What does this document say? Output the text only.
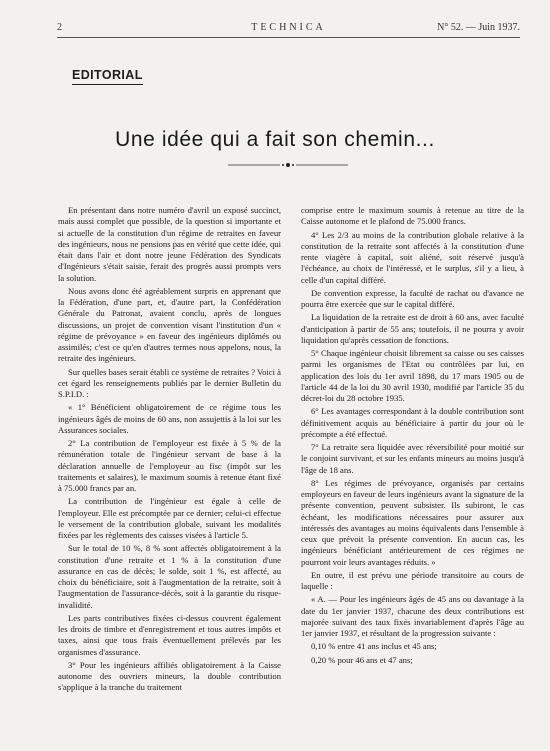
2	TECHNICA	N° 52. — Juin 1937.
EDITORIAL
Une idée qui a fait son chemin...

En présentant dans notre numéro d'avril un exposé succinct, mais aussi complet que possible, de la question si importante et si actuelle de la constitution d'un régime de retraites en faveur des ingénieurs, nous ne pensions pas en vérité que cette idée, qui était dans l'air et dont notre jeune Fédération des Syndicats d'Ingénieurs s'était saisie, ferait des progrès aussi prompts vers la solution.

Nous avons donc été agréablement surpris en apprenant que la Fédération, d'une part, et, d'autre part, la Confédération Générale du Patronat, avaient conclu, après de longues discussions, un projet de convention visant l'institution d'un « régime de prévoyance » en faveur des ingénieurs diplômés ou assimilés; c'est ce qu'en d'autres termes nous appelons, nous, la retraite des ingénieurs.

Sur quelles bases serait établi ce système de retraites ? Voici à cet égard les renseignements publiés par le dernier Bulletin du S.P.I.D. :

« 1° Bénéficient obligatoirement de ce régime tous les ingénieurs âgés de moins de 60 ans, non assujettis à la loi sur les Assurances sociales.

2° La contribution de l'employeur est fixée à 5 % de la rémunération totale de l'ingénieur servant de base à la déclaration annuelle de l'employeur au fisc (impôt sur les traitements et salaires), le maximum soumis à retenue étant fixé à 75.000 francs par an.

La contribution de l'ingénieur est égale à celle de l'employeur. Elle est précomptée par ce dernier; celui-ci effectue le versement de la contribution globale, suivant les modalités fixées par les règlements des caisses visées à l'article 5.

Sur le total de 10 %, 8 % sont affectés obligatoirement à la constitution d'une retraite et 1 % à la constitution d'une assurance en cas de décès; le solde, soit 1 %, est affecté, au choix du bénéficiaire, soit à l'augmentation de la retraite, soit à l'augmentation de l'assurance-décès, soit à la garantie du risque-invalidité.

Les parts contributives fixées ci-dessus couvrent également les droits de timbre et d'enregistrement et tous autres impôts et taxes, ainsi que tous frais éventuellement prélevés par les organismes d'assurance.

3° Pour les ingénieurs affiliés obligatoirement à la Caisse autonome des ouvriers mineurs, la double contribution s'applique à la tranche du traitement

comprise entre le maximum soumis à retenue au titre de la Caisse autonome et le plafond de 75.000 francs.

4° Les 2/3 au moins de la contribution globale relative à la constitution de la retraite sont affectés à la constitution d'une rente viagère à capital, soit aliéné, soit réservé jusqu'à l'échéance, au choix de l'intéressé, et le surplus, s'il y a lieu, à celle d'un capital différé.

De convention expresse, la faculté de rachat ou d'avance ne pourra être exercée que sur le capital différé.

La liquidation de la retraite est de droit à 60 ans, avec faculté d'anticipation à partir de 55 ans; toutefois, il ne pourra y avoir liquidation qu'après cessation de fonctions.

5° Chaque ingénieur choisit librement sa caisse ou ses caisses parmi les organismes de l'Etat ou contrôlées par lui, en application des lois du 1er avril 1898, du 17 mars 1905 ou de l'article 44 de la loi du 30 avril 1930, modifié par l'article 35 du décret-loi du 28 octobre 1935.

6° Les avantages correspondant à la double contribution sont définitivement acquis au bénéficiaire à partir du jour où le précompte a été effectué.

7° La retraite sera liquidée avec réversibilité pour moitié sur le conjoint survivant, et sur les enfants mineurs au moins jusqu'à l'âge de 18 ans.

8° Les régimes de prévoyance, organisés par certains employeurs en faveur de leurs ingénieurs avant la signature de la présente convention, peuvent subsister. Ils subiront, le cas échéant, les modifications nécessaires pour assurer aux intéressés des avantages au moins équivalents dans l'ensemble à ceux que prévoit la présente convention. En aucun cas, les ingénieurs bénéficiant antérieurement de ces régimes ne pourront voir leurs avantages réduits. »

En outre, il est prévu une période transitoire au cours de laquelle :

« A. — Pour les ingénieurs âgés de 45 ans ou davantage à la date du 1er janvier 1937, chacune des deux contributions est majorée suivant des taux fixés invariablement d'après l'âge au 1er janvier 1937, et résultant de la progression suivante :

0,10 % entre 41 ans inclus et 45 ans;

0,20 % pour 46 ans et 47 ans;
